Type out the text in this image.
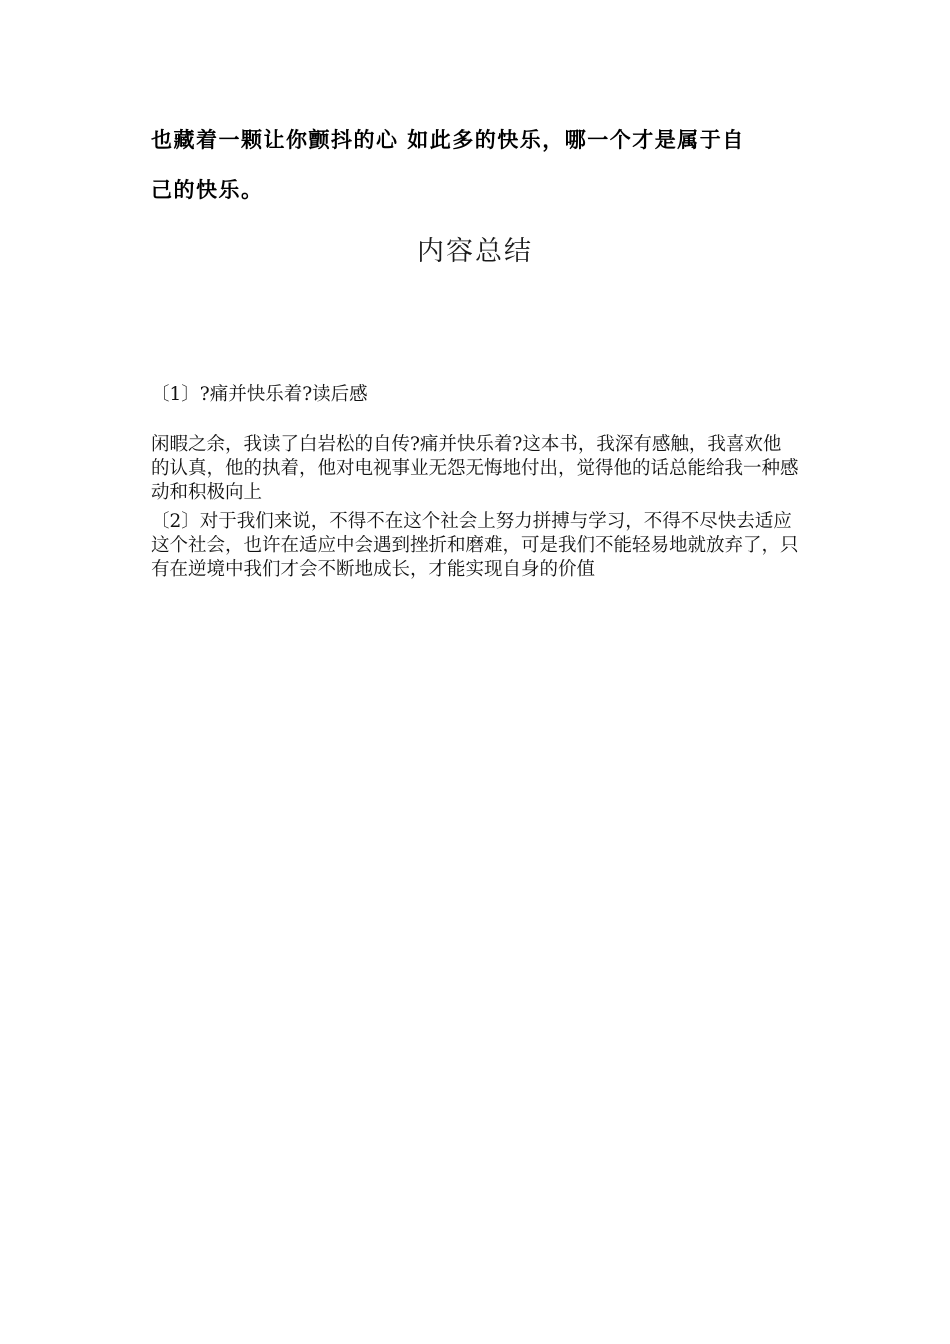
也藏着一颗让你颤抖的心 如此多的快乐，哪一个才是属于自
己的快乐。
内容总结
〔1〕?痛并快乐着?读后感
闲暇之余，我读了白岩松的自传?痛并快乐着?这本书，我深有感触，我喜欢他的认真，他的执着，他对电视事业无怨无悔地付出，觉得他的话总能给我一种感动和积极向上
〔2〕对于我们来说，不得不在这个社会上努力拼搏与学习，不得不尽快去适应这个社会，也许在适应中会遇到挫折和磨难，可是我们不能轻易地就放弃了，只有在逆境中我们才会不断地成长，才能实现自身的价值
